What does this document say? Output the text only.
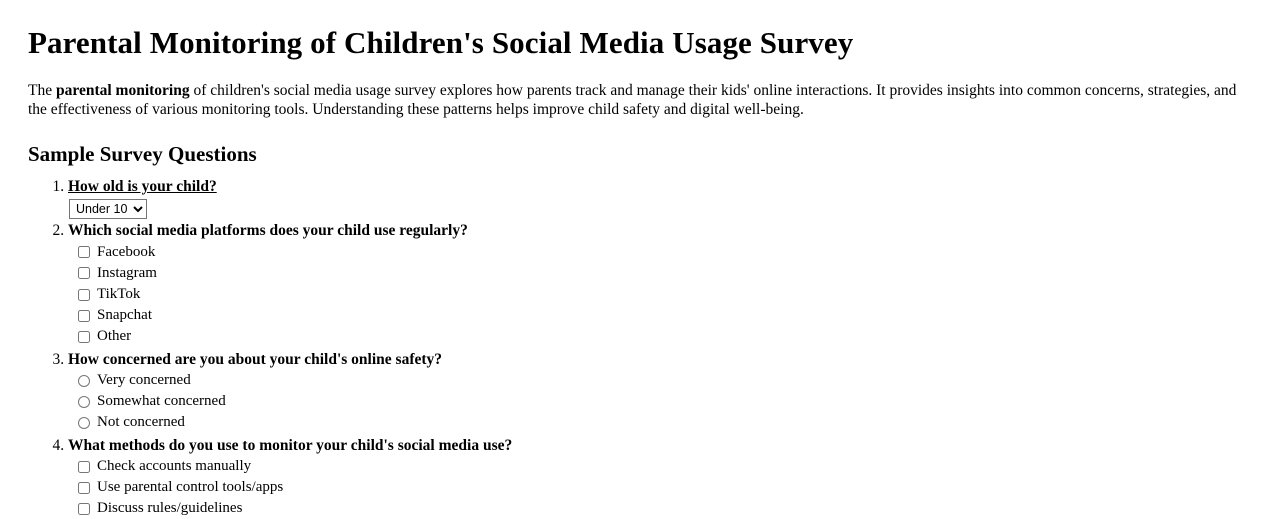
Parental Monitoring of Children's Social Media Usage Survey

The parental monitoring of children's social media usage survey explores how parents track and manage their kids' online interactions. It provides insights into common concerns, strategies, and the effectiveness of various monitoring tools. Understanding these patterns helps improve child safety and digital well-being.

Sample Survey Questions
1. How old is your child?
Under 10
2. Which social media platforms does your child use regularly?
Facebook
Instagram
TikTok
Snapchat
Other
3. How concerned are you about your child's online safety?
Very concerned
Somewhat concerned
Not concerned
4. What methods do you use to monitor your child's social media use?
Check accounts manually
Use parental control tools/apps
Discuss rules/guidelines
